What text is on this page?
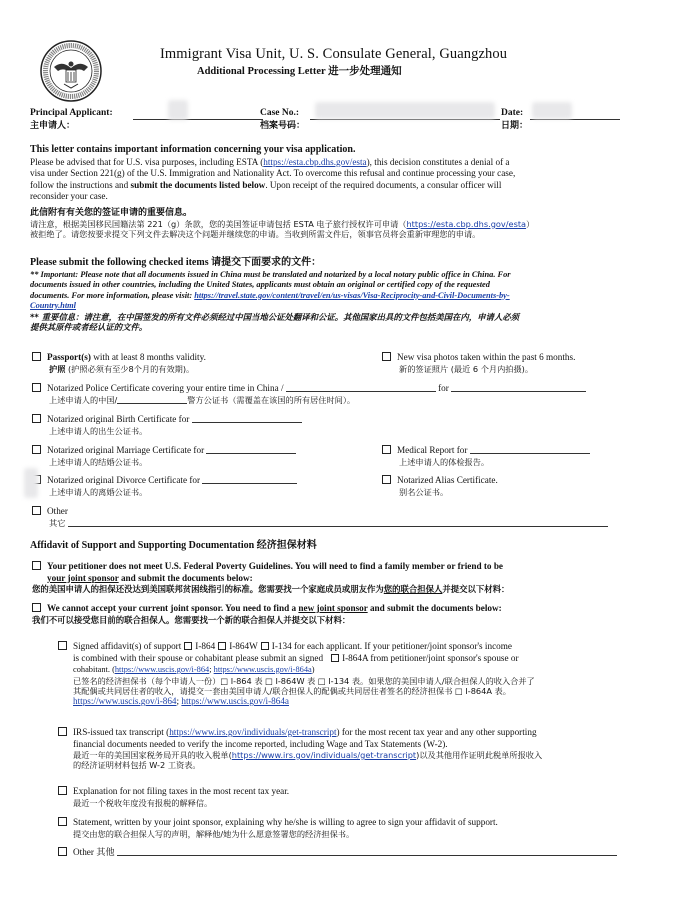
Immigrant Visa Unit, U. S. Consulate General, Guangzhou
Additional Processing Letter 进一步处理通知
Principal Applicant:	Case No.:	Date:
主申请人：	档案号码：	日期：
This letter contains important information concerning your visa application.
Please be advised that for U.S. visa purposes, including ESTA (https://esta.cbp.dhs.gov/esta), this decision constitutes a denial of a
visa under Section 221(g) of the U.S. Immigration and Nationality Act. To overcome this refusal and continue processing your case,
follow the instructions and submit the documents listed below. Upon receipt of the required documents, a consular officer will
reconsider your case.
此信附有有关您的签证申请的重要信息。
请注意，根据美国移民国籍法第 221（g）条款，您的美国签证申请包括 ESTA 电子旅行授权许可申请（https://esta.cbp.dhs.gov/esta）
被拒绝了。请您按要求提交下列文件去解决这个问题并继续您的申请。当收到所需文件后，领事官员将会重新审理您的申请。
Please submit the following checked items 请提交下面要求的文件：
** Important: Please note that all documents issued in China must be translated and notarized by a local notary public office in China. For
documents issued in other countries, including the United States, applicants must obtain an original or certified copy of the requested
documents. For more information, please visit: https://travel.state.gov/content/travel/en/us-visas/Visa-Reciprocity-and-Civil-Documents-by-
Country.html
** 重要信息：请注意，在中国签发的所有文件必须经过中国当地公证处翻译和公证。其他国家出具的文件包括美国在内，申请人必须
提供其原件或者经认证的文件。
Passport(s) with at least 8 months validity.
护照 (护照必须有至少8个月的有效期)。
New visa photos taken within the past 6 months.
新的签证照片 (最近 6 个月内拍摄)。
Notarized Police Certificate covering your entire time in China /	for
上述申请人的中国/	警方公证书（需覆盖在该国的所有居住时间）。
Notarized original Birth Certificate for
上述申请人的出生公证书。
Notarized original Marriage Certificate for
上述申请人的结婚公证书。
Medical Report for
上述申请人的体检报告。
Notarized original Divorce Certificate for
上述申请人的离婚公证书。
Notarized Alias Certificate.
别名公证书。
Other
其它
Affidavit of Support and Supporting Documentation 经济担保材料
Your petitioner does not meet U.S. Federal Poverty Guidelines. You will need to find a family member or friend to be
your joint sponsor and submit the documents below:
您的美国申请人的担保还没达到美国联邦贫困线指引的标准。您需要找一个家庭成员或朋友作为您的联合担保人并提交以下材料：
We cannot accept your current joint sponsor. You need to find a new joint sponsor and submit the documents below:
我们不可以接受您目前的联合担保人。您需要找一个新的联合担保人并提交以下材料：
Signed affidavit(s) of support I-864 I-864W I-134 for each applicant. If your petitioner/joint sponsor's income
is combined with their spouse or cohabitant please submit an signed I-864A from petitioner/joint sponsor's spouse or
cohabitant. (https://www.uscis.gov/i-864; https://www.uscis.gov/i-864a)
已签名的经济担保书（每个申请人一份）□ I-864 表 □ I-864W 表 □ I-134 表。如果您的美国申请人/联合担保人的收入合并了
其配偶或共同居住者的收入，请提交一套由美国申请人/联合担保人的配偶或共同居住者签名的经济担保书 □ I-864A 表。
https://www.uscis.gov/i-864; https://www.uscis.gov/i-864a
IRS-issued tax transcript (https://www.irs.gov/individuals/get-transcript) for the most recent tax year and any other supporting
financial documents needed to verify the income reported, including Wage and Tax Statements (W-2).
最近一年的美国国家税务局开具的收入税单(https://www.irs.gov/individuals/get-transcript)以及其他用作证明此税单所报收入
的经济证明材料包括 W-2 工资表。
Explanation for not filing taxes in the most recent tax year.
最近一个税收年度没有报税的解释信。
Statement, written by your joint sponsor, explaining why he/she is willing to agree to sign your affidavit of support.
提交由您的联合担保人写的声明，解释他/她为什么愿意签署您的经济担保书。
Other 其他
